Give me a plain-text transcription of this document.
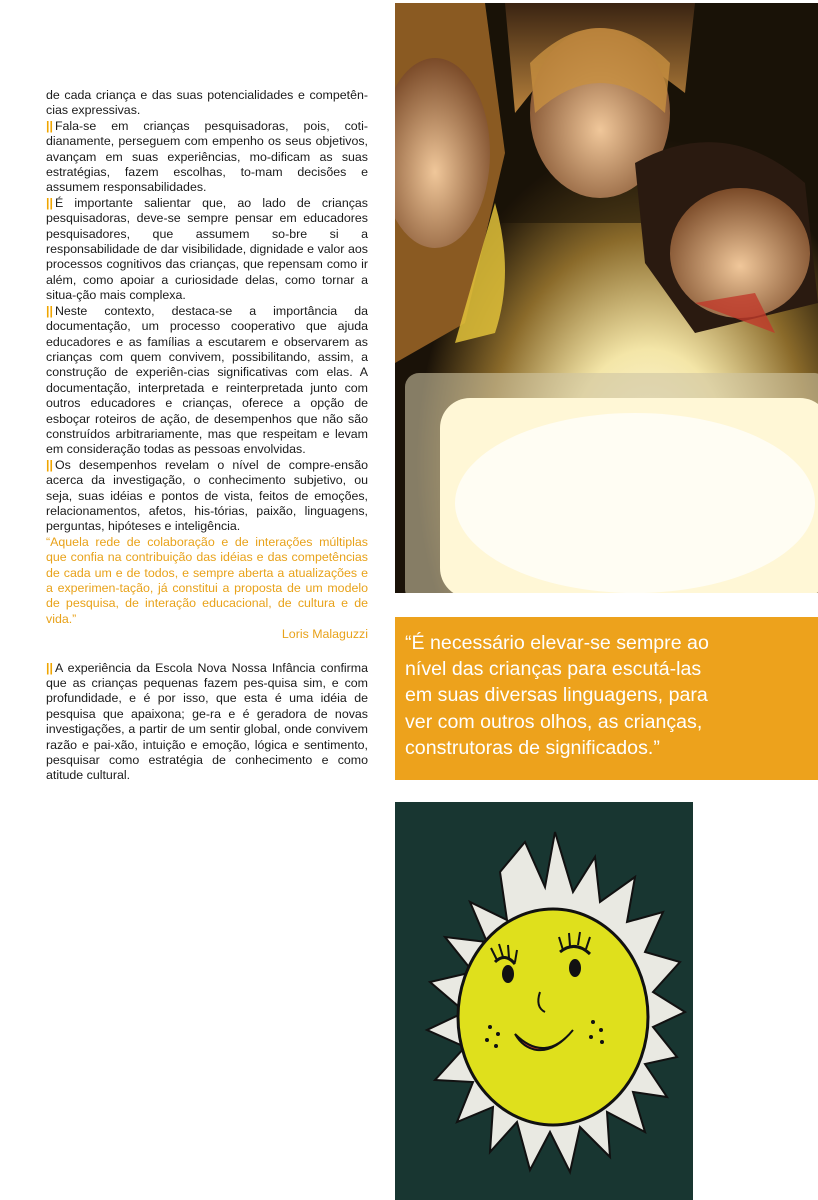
de cada criança e das suas potencialidades e competên-cias expressivas.

|| Fala-se em crianças pesquisadoras, pois, coti-dianamente, perseguem com empenho os seus objetivos, avançam em suas experiências, mo-dificam as suas estratégias, fazem escolhas, to-mam decisões e assumem responsabilidades.

|| É importante salientar que, ao lado de crianças pesquisadoras, deve-se sempre pensar em educadores pesquisadores, que assumem so-bre si a responsabilidade de dar visibilidade, dignidade e valor aos processos cognitivos das crianças, que repensam como ir além, como apoiar a curiosidade delas, como tornar a situa-ção mais complexa.

|| Neste contexto, destaca-se a importância da documentação, um processo cooperativo que ajuda educadores e as famílias a escutarem e observarem as crianças com quem convivem, possibilitando, assim, a construção de experiên-cias significativas com elas. A documentação, interpretada e reinterpretada junto com outros educadores e crianças, oferece a opção de esboçar roteiros de ação, de desempenhos que não são construídos arbitrariamente, mas que respeitam e levam em consideração todas as pessoas envolvidas.

|| Os desempenhos revelam o nível de compre-ensão acerca da investigação, o conhecimento subjetivo, ou seja, suas idéias e pontos de vista, feitos de emoções, relacionamentos, afetos, his-tórias, paixão, linguagens, perguntas, hipóteses e inteligência.

“Aquela rede de colaboração e de interações múltiplas que confia na contribuição das idéias e das competências de cada um e de todos, e sempre aberta a atualizações e a experimen-tação, já constitui a proposta de um modelo de pesquisa, de interação educacional, de cultura e de vida.”

Loris Malaguzzi

|| A experiência da Escola Nova Nossa Infância confirma que as crianças pequenas fazem pes-quisa sim, e com profundidade, e é por isso, que esta é uma idéia de pesquisa que apaixona; ge-ra e é geradora de novas investigações, a partir de um sentir global, onde convivem razão e pai-xão, intuição e emoção, lógica e sentimento, pesquisar como estratégia de conhecimento e como atitude cultural.

“É necessário elevar-se sempre ao
nível das crianças para escutá-las
em suas diversas linguagens, para
ver com outros olhos, as crianças,
construtoras de significados.”
